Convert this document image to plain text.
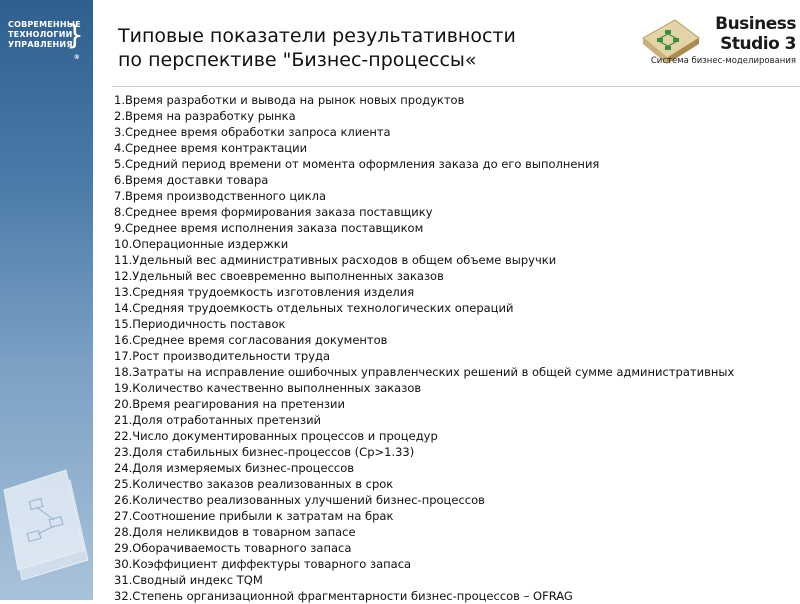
СОВРЕМЕННЫЕ
ТЕХНОЛОГИИ
УПРАВЛЕНИЯ
}
®
Типовые показатели результативности
по перспективе "Бизнес-процессы«
Business
Studio 3
Система бизнес-моделирования
1.Время разработки и вывода на рынок новых продуктов
2.Время на разработку рынка
3.Среднее время обработки запроса клиента
4.Среднее время контрактации
5.Средний период времени от момента оформления заказа до его выполнения
6.Время доставки товара
7.Время производственного цикла
8.Среднее время формирования заказа поставщику
9.Среднее время исполнения заказа поставщиком
10.Операционные издержки
11.Удельный вес административных расходов в общем объеме выручки
12.Удельный вес своевременно выполненных заказов
13.Средняя трудоемкость изготовления изделия
14.Средняя трудоемкость отдельных технологических операций
15.Периодичность поставок
16.Среднее время согласования документов
17.Рост производительности труда
18.Затраты на исправление ошибочных управленческих решений в общей сумме административных
19.Количество качественно выполненных заказов
20.Время реагирования на претензии
21.Доля отработанных претензий
22.Число документированных процессов и процедур
23.Доля стабильных бизнес-процессов (Cp>1.33)
24.Доля измеряемых бизнес-процессов
25.Количество заказов реализованных в срок
26.Количество реализованных улучшений бизнес-процессов
27.Соотношение прибыли к затратам на брак
28.Доля неликвидов в товарном запасе
29.Оборачиваемость товарного запаса
30.Коэффициент диффектуры товарного запаса
31.Сводный индекс TQM
32.Степень организационной фрагментарности бизнес-процессов – OFRAG
